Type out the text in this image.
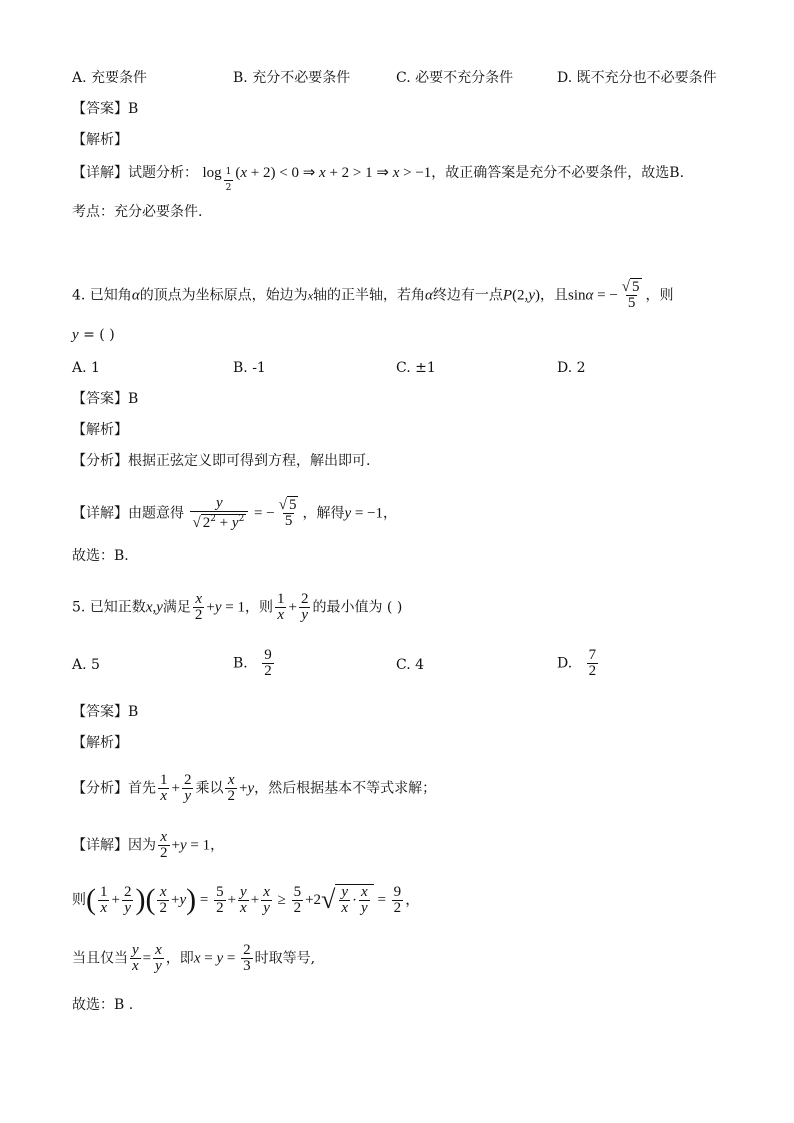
A. 充要条件	B. 充分不必要条件	C. 必要不充分条件	D. 既不充分也不必要条件
【答案】B
【解析】
【详解】试题分析： log $_{\frac{1}{2}}$ (x + 2) < 0 ⇒ x + 2 > 1 ⇒ x > −1，故正确答案是充分不必要条件，故选B.
考点：充分必要条件.
4. 已知角α的顶点为坐标原点，始边为x轴的正半轴，若角α终边有一点P(2,y)，且sinα = − $\frac{√ 5}{5}$ ，则
y = ( )
A. 1	B. -1	C. ±1	D. 2
【答案】B
【解析】
【分析】根据正弦定义即可得到方程，解出即可.
【详解】由题意得 $\frac{y}{√ 2^2 + y^2}$ = − $\frac{√ 5}{5}$ ，解得y = −1，
故选：B.
5. 已知正数x,y满足 $\frac{x}{2} +y = 1$，则 $\frac{1}{x} + \frac{2}{y}$ 的最小值为 ( )
A. 5	B. $\frac{9}{2}$	C. 4	D. $\frac{7}{2}$
【答案】B
【解析】
【分析】首先 $\frac{1}{x} + \frac{2}{y}$ 乘以 $\frac{x}{2} +y$，然后根据基本不等式求解；
【详解】因为 $\frac{x}{2} +y = 1$，
则( $\frac{1}{x} + \frac{2}{y}$ )( $\frac{x}{2} +y) = \frac{5}{2} + \frac{y}{x} + \frac{x}{y} \ge \frac{5}{2} +2√ \frac{y}{x} \cdot \frac{x}{y} = \frac{9}{2}$ ，
当且仅当 $\frac{y}{x} = \frac{x}{y}$ ，即$x = y = \frac{2}{3}$ 时取等号,
故选：B .
